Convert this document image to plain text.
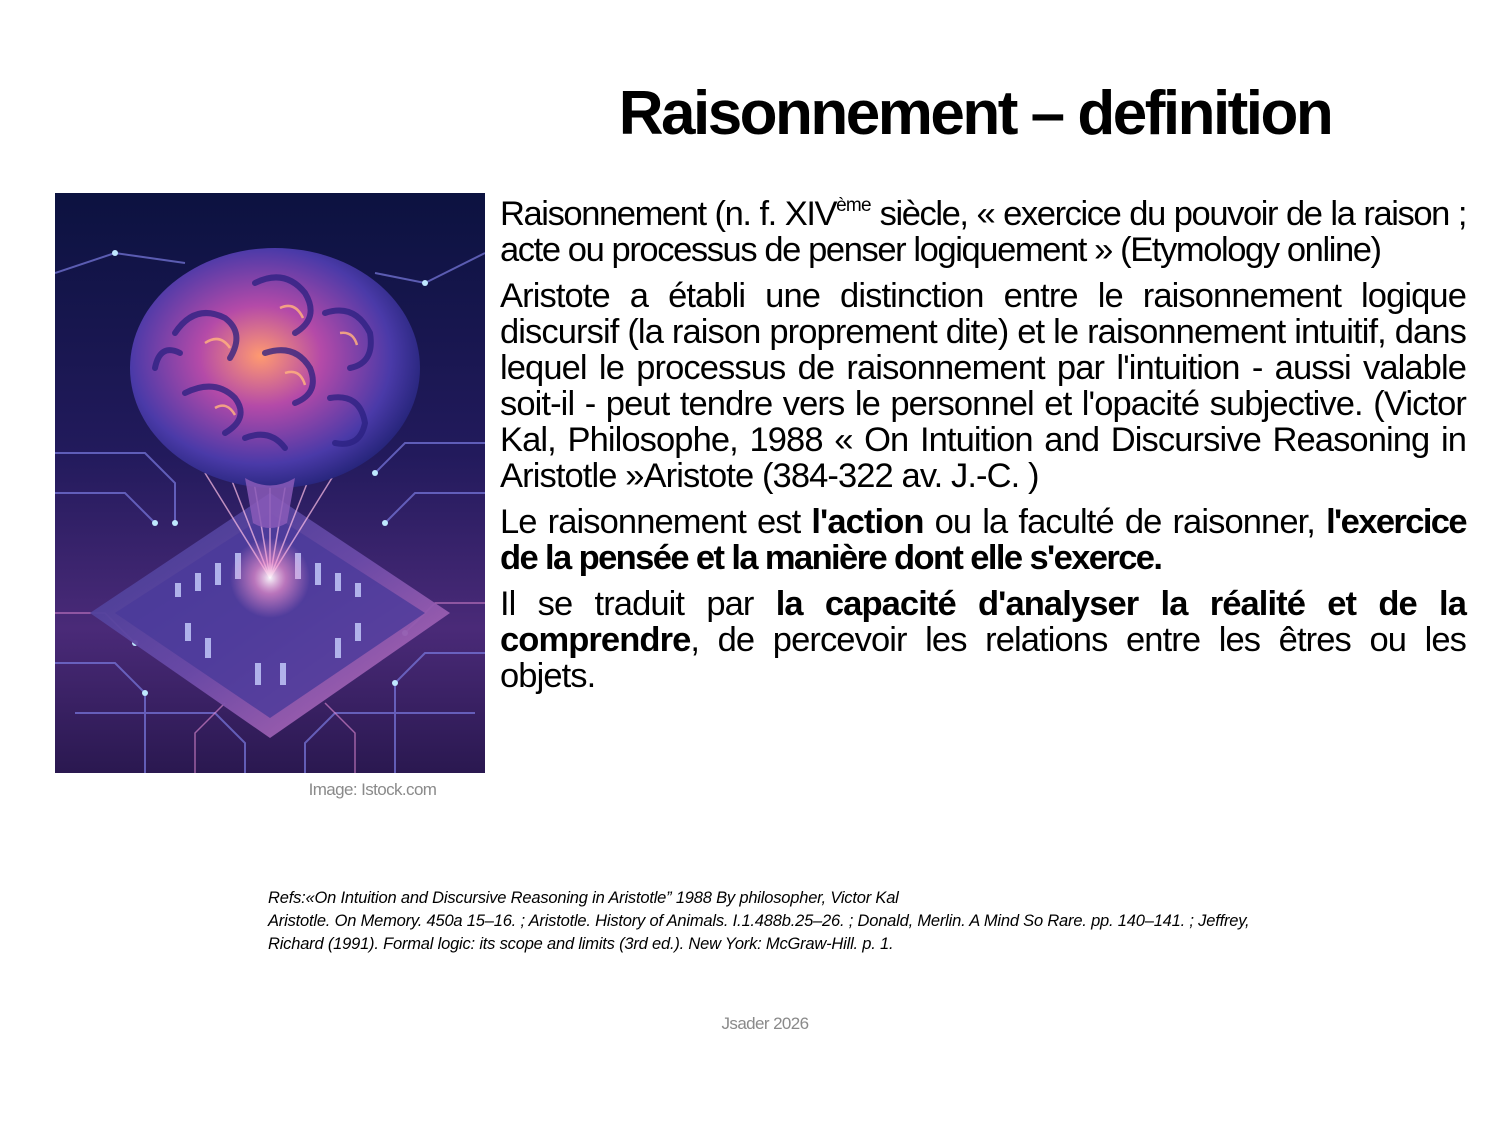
Raisonnement – definition
Image: Istock.com

Raisonnement (n. f. XIVème siècle, « exercice du pouvoir de la raison ; acte ou processus de penser logiquement » (Etymology online)

Aristote a établi une distinction entre le raisonnement logique discursif (la raison proprement dite) et le raisonnement intuitif, dans lequel le processus de raisonnement par l'intuition - aussi valable soit-il - peut tendre vers le personnel et l'opacité subjective. (Victor Kal, Philosophe, 1988 « On Intuition and Discursive Reasoning in Aristotle »Aristote (384-322 av. J.-C. )

Le raisonnement est l'action ou la faculté de raisonner, l'exercice de la pensée et la manière dont elle s'exerce.

Il se traduit par la capacité d'analyser la réalité et de la comprendre, de percevoir les relations entre les êtres ou les objets.

Refs:«On Intuition and Discursive Reasoning in Aristotle” 1988 By philosopher, Victor Kal

Aristotle. On Memory. 450a 15–16. ; Aristotle. History of Animals. I.1.488b.25–26. ; Donald, Merlin. A Mind So Rare. pp. 140–141. ; Jeffrey, Richard (1991). Formal logic: its scope and limits (3rd ed.). New York: McGraw-Hill. p. 1.

Jsader 2026
